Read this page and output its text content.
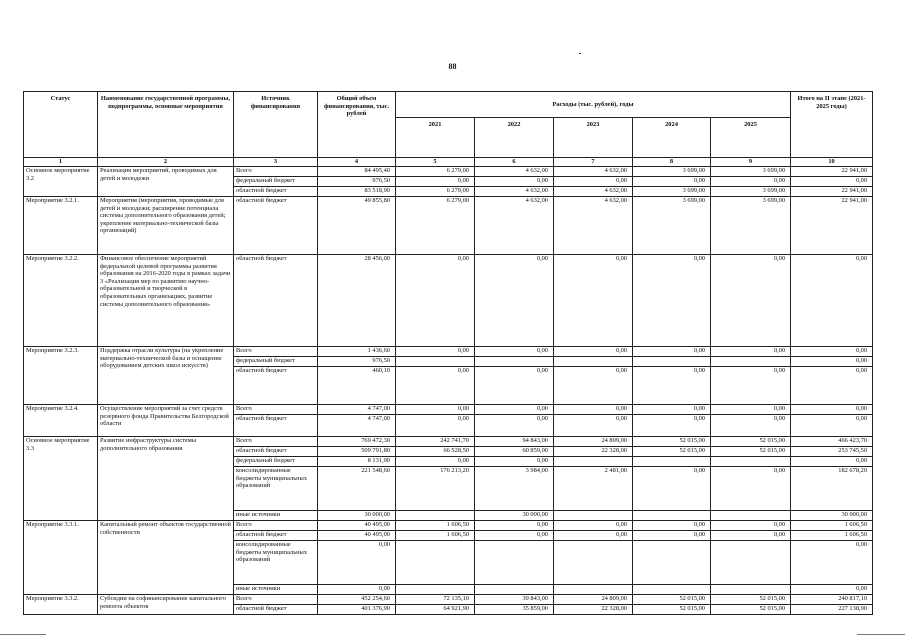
88
Статус	Наименование государственной программы, подпрограммы, основные мероприятия	Источник финансирования	Общий объем финансирования, тыс. рублей	Расходы (тыс. рублей), годы					Итого на II этапе (2021-2025 годы)
				2021	2022	2023	2024	2025	
1	2	3	4	5	6	7	8	9	10
Основное мероприятие 3.2	Реализация мероприятий, проводимых для детей и молодежи	Всего	84 495,40	6 279,00	4 632,00	4 632,00	3 699,00	3 699,00	22 941,00
		федеральный бюджет	976,50	0,00	0,00	0,00	0,00	0,00	0,00
		областной бюджет	83 518,90	6 279,00	4 632,00	4 632,00	3 699,00	3 699,00	22 941,00
Мероприятие 3.2.1.	Мероприятия (мероприятия, проводимые для детей и молодежи; расширение потенциала системы дополнительного образования детей; укрепление материально-технической базы организаций)	областной бюджет	49 855,80	6 279,00	4 632,00	4 632,00	3 699,00	3 699,00	22 941,00
Мероприятие 3.2.2.	Финансовое обеспечение мероприятий федеральной целевой программы развития образования на 2016-2020 годы в рамках задачи 3 «Реализация мер по развитию научно-образовательной и творческой в образовательных организациях, развитие системы дополнительного образования»	областной бюджет	28 456,00	0,00	0,00	0,00	0,00	0,00	0,00
Мероприятие 3.2.3.	Поддержка отрасли культуры (на укрепление материально-технической базы и оснащение оборудованием детских школ искусств)	Всего	1 436,60	0,00	0,00	0,00	0,00	0,00	0,00
		федеральный бюджет	976,50						0,00
		областной бюджет	460,10	0,00	0,00	0,00	0,00	0,00	0,00
Мероприятие 3.2.4.	Осуществление мероприятий за счет средств резервного фонда Правительства Белгородской области	Всего	4 747,00	0,00	0,00	0,00	0,00	0,00	0,00
		областной бюджет	4 747,00	0,00	0,00	0,00	0,00	0,00	0,00
Основное мероприятие 3.3	Развитие инфраструктуры системы дополнительного образования	Всего	769 472,30	242 741,70	94 843,00	24 809,00	52 015,00	52 015,00	466 423,70
		областной бюджет	509 791,80	66 528,50	60 859,00	22 328,00	52 015,00	52 015,00	253 745,50
		федеральный бюджет	8 131,90	0,00	0,00				0,00
		консолидированные бюджеты муниципальных образований	221 548,60	176 213,20	3 984,00	2 481,00	0,00	0,00	182 678,20
		иные источники	30 000,00		30 000,00				30 000,00
Мероприятие 3.3.1.	Капитальный ремонт объектов государственной собственности	Всего	40 495,00	1 606,50	0,00	0,00	0,00	0,00	1 606,50
		областной бюджет	40 495,00	1 606,50	0,00	0,00	0,00	0,00	1 606,50
		консолидированные бюджеты муниципальных образований	0,00						0,00
		иные источники	0,00						0,00
Мероприятие 3.3.2.	Субсидии на софинансирование капитального ремонта объектов	Всего	452 254,60	72 135,10	39 843,00	24 809,00	52 015,00	52 015,00	240 817,10
		областной бюджет	401 376,90	64 921,90	35 859,00	22 328,00	52 015,00	52 015,00	227 138,90
